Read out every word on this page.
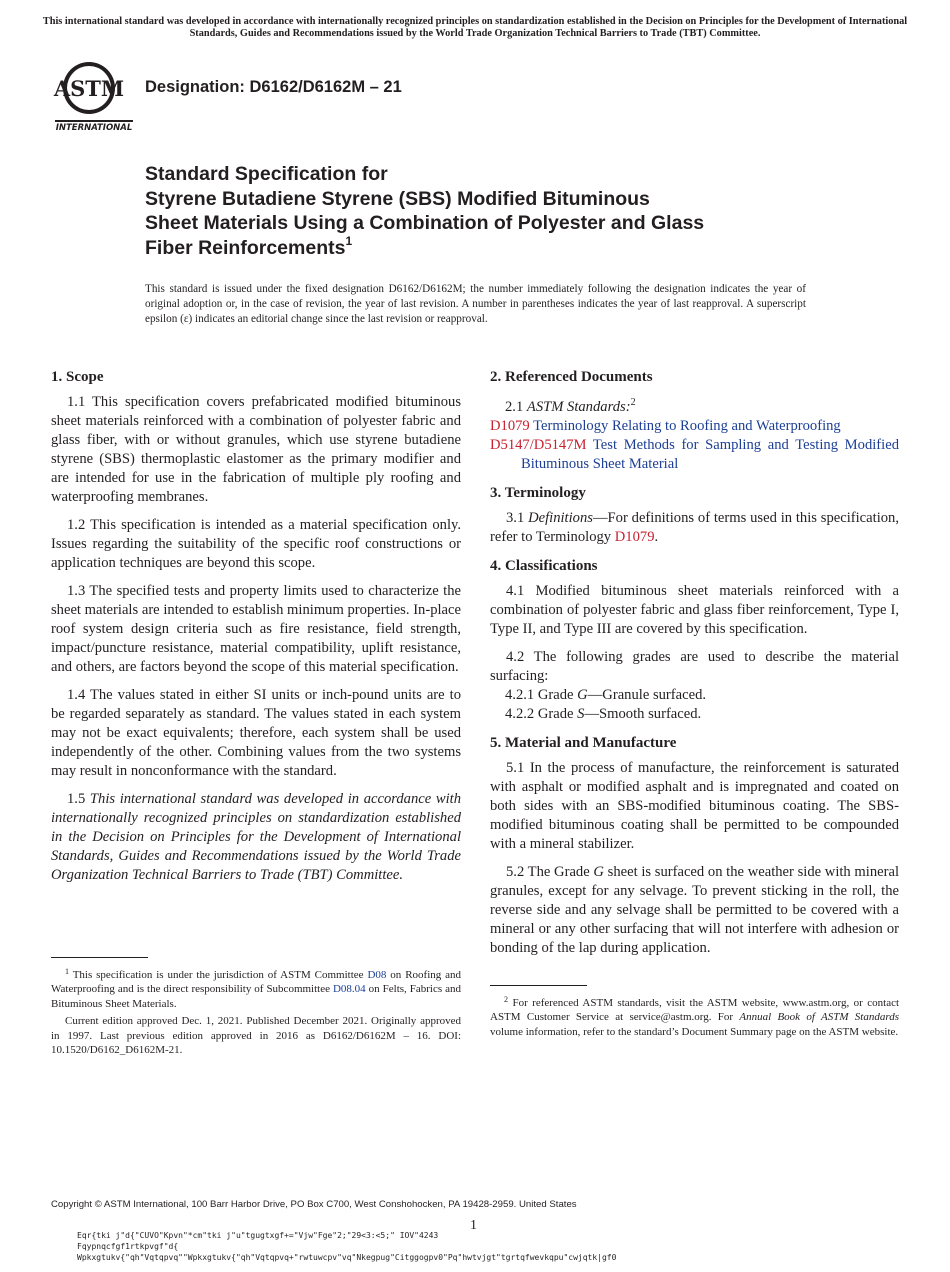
This international standard was developed in accordance with internationally recognized principles on standardization established in the Decision on Principles for the Development of International Standards, Guides and Recommendations issued by the World Trade Organization Technical Barriers to Trade (TBT) Committee.
ASTM
INTERNATIONAL
Designation: D6162/D6162M – 21
Standard Specification for
Styrene Butadiene Styrene (SBS) Modified Bituminous
Sheet Materials Using a Combination of Polyester and Glass
Fiber Reinforcements$^1$
This standard is issued under the fixed designation D6162/D6162M; the number immediately following the designation indicates the year of original adoption or, in the case of revision, the year of last revision. A number in parentheses indicates the year of last reapproval. A superscript epsilon (ε) indicates an editorial change since the last revision or reapproval.
1. Scope

1.1 This specification covers prefabricated modified bituminous sheet materials reinforced with a combination of polyester fabric and glass fiber, with or without granules, which use styrene butadiene styrene (SBS) thermoplastic elastomer as the primary modifier and are intended for use in the fabrication of multiple ply roofing and waterproofing membranes.

1.2 This specification is intended as a material specification only. Issues regarding the suitability of the specific roof constructions or application techniques are beyond this scope.

1.3 The specified tests and property limits used to characterize the sheet materials are intended to establish minimum properties. In-place roof system design criteria such as fire resistance, field strength, impact/puncture resistance, material compatibility, uplift resistance, and others, are factors beyond the scope of this material specification.

1.4 The values stated in either SI units or inch-pound units are to be regarded separately as standard. The values stated in each system may not be exact equivalents; therefore, each system shall be used independently of the other. Combining values from the two systems may result in nonconformance with the standard.

1.5 This international standard was developed in accordance with internationally recognized principles on standardization established in the Decision on Principles for the Development of International Standards, Guides and Recommendations issued by the World Trade Organization Technical Barriers to Trade (TBT) Committee.

$^1$ This specification is under the jurisdiction of ASTM Committee D08 on Roofing and Waterproofing and is the direct responsibility of Subcommittee D08.04 on Felts, Fabrics and Bituminous Sheet Materials.

Current edition approved Dec. 1, 2021. Published December 2021. Originally approved in 1997. Last previous edition approved in 2016 as D6162/D6162M – 16. DOI: 10.1520/D6162_D6162M-21.

2. Referenced Documents

2.1 ASTM Standards:$^2$

D1079 Terminology Relating to Roofing and Waterproofing

D5147/D5147M Test Methods for Sampling and Testing Modified Bituminous Sheet Material

3. Terminology

3.1 Definitions—For definitions of terms used in this specification, refer to Terminology D1079.

4. Classifications

4.1 Modified bituminous sheet materials reinforced with a combination of polyester fabric and glass fiber reinforcement, Type I, Type II, and Type III are covered by this specification.

4.2 The following grades are used to describe the material surfacing:

4.2.1 Grade G—Granule surfaced.

4.2.2 Grade S—Smooth surfaced.

5. Material and Manufacture

5.1 In the process of manufacture, the reinforcement is saturated with asphalt or modified asphalt and is impregnated and coated on both sides with an SBS-modified bituminous coating. The SBS-modified bituminous coating shall be permitted to be compounded with a mineral stabilizer.

5.2 The Grade G sheet is surfaced on the weather side with mineral granules, except for any selvage. To prevent sticking in the roll, the reverse side and any selvage shall be permitted to be covered with a mineral or any other surfacing that will not interfere with adhesion or bonding of the lap during application.

$^2$ For referenced ASTM standards, visit the ASTM website, www.astm.org, or contact ASTM Customer Service at service@astm.org. For Annual Book of ASTM Standards volume information, refer to the standard’s Document Summary page on the ASTM website.

Copyright © ASTM International, 100 Barr Harbor Drive, PO Box C700, West Conshohocken, PA 19428-2959. United States
1
Eqr{tki j"d{"CUVO"Kpvn"*cm"tki j"u"tgugtxgf+="Vjw"Fge"2;"29<3:<5;" IOV"4243
Fqypnqcfgf1rtkpvgf"d{
Wpkxgtukv{"qh"Vqtqpvq""Wpkxgtukv{"qh"Vqtqpvq+"rwtuwcpv"vq"Nkegpug"Citggogpv0"Pq"hwtvjgt"tgrtqfwevkqpu"cwjqtk|gf0
